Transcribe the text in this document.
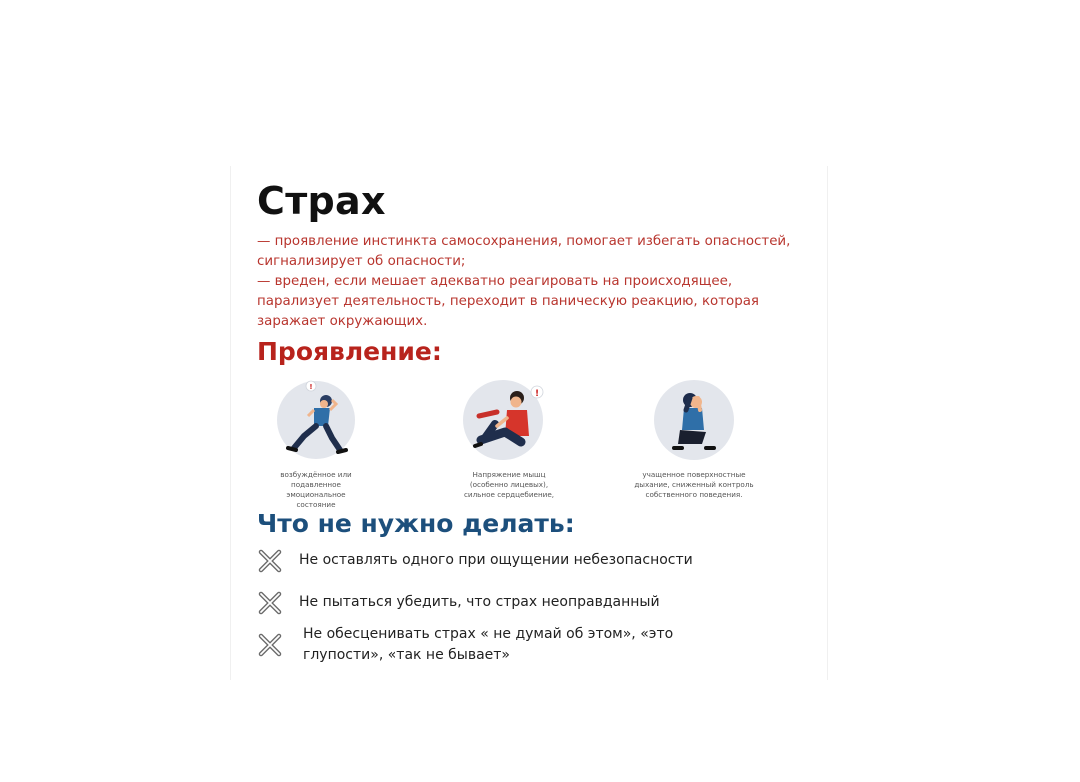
Страх

— проявление инстинкта самосохранения, помогает избегать опасностей, сигнализирует об опасности;

— вреден, если мешает адекватно реагировать на происходящее, парализует деятельность, переходит в паническую реакцию, которая заражает окружающих.

Проявление:
!
возбуждённое или подавленное эмоциональное состояние
!
Напряжение мышц (особенно лицевых), сильное сердцебиение,
учащенное поверхностные дыхание, сниженный контроль собственного поведения.
Что не нужно делать:
Не оставлять одного при ощущении небезопасности
Не пытаться убедить, что страх неоправданный
Не обесценивать страх « не думай об этом», «это глупости», «так не бывает»
